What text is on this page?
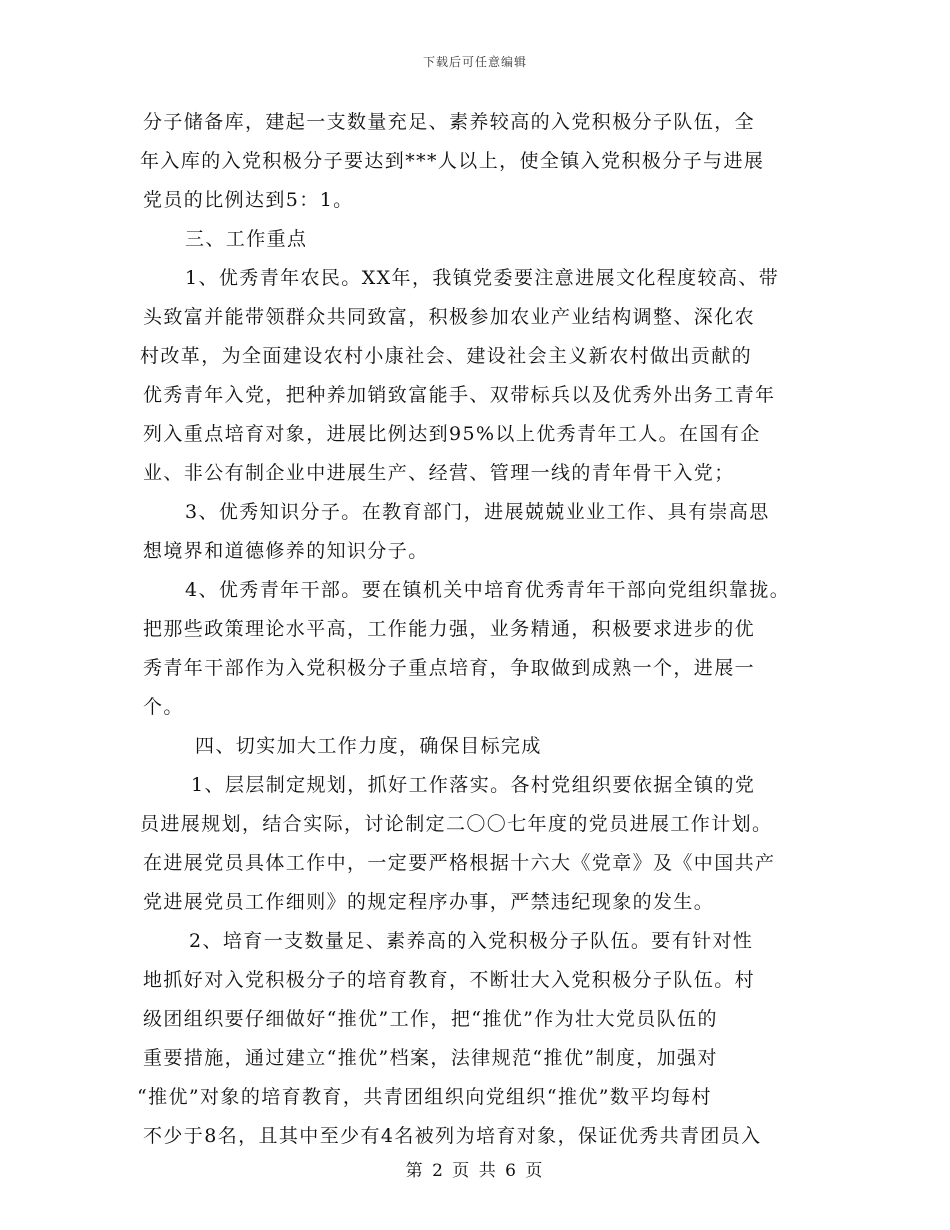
下载后可任意编辑
分子储备库，建起一支数量充足、素养较高的入党积极分子队伍，全
年入库的入党积极分子要达到***人以上，使全镇入党积极分子与进展
党员的比例达到5：1。
三、工作重点
1、优秀青年农民。XX年，我镇党委要注意进展文化程度较高、带
头致富并能带领群众共同致富，积极参加农业产业结构调整、深化农
村改革，为全面建设农村小康社会、建设社会主义新农村做出贡献的
优秀青年入党，把种养加销致富能手、双带标兵以及优秀外出务工青年
列入重点培育对象，进展比例达到95%以上优秀青年工人。在国有企
业、非公有制企业中进展生产、经营、管理一线的青年骨干入党；
3、优秀知识分子。在教育部门，进展兢兢业业工作、具有崇高思
想境界和道德修养的知识分子。
4、优秀青年干部。要在镇机关中培育优秀青年干部向党组织靠拢。
把那些政策理论水平高，工作能力强，业务精通，积极要求进步的优
秀青年干部作为入党积极分子重点培育，争取做到成熟一个，进展一
个。
四、切实加大工作力度，确保目标完成
1、层层制定规划，抓好工作落实。各村党组织要依据全镇的党
员进展规划，结合实际，讨论制定二〇〇七年度的党员进展工作计划。
在进展党员具体工作中，一定要严格根据十六大《党章》及《中国共产
党进展党员工作细则》的规定程序办事，严禁违纪现象的发生。
2、培育一支数量足、素养高的入党积极分子队伍。要有针对性
地抓好对入党积极分子的培育教育，不断壮大入党积极分子队伍。村
级团组织要仔细做好“推优”工作，把“推优”作为壮大党员队伍的
重要措施，通过建立“推优”档案，法律规范“推优”制度，加强对
“推优”对象的培育教育，共青团组织向党组织“推优”数平均每村
不少于8名，且其中至少有4名被列为培育对象，保证优秀共青团员入
第 2 页 共 6 页
